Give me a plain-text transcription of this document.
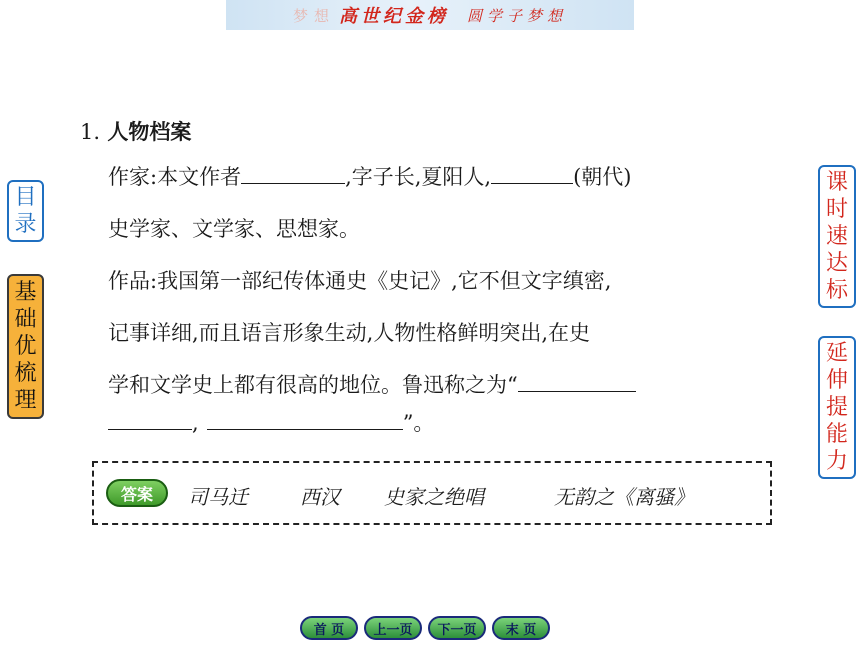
梦想 高世纪金榜 圆学子梦想
目
录
基
础
优
梳
理
课
时
速
达
标
延
伸
提
能
力
1. 人物档案
作家:本文作者	,字子长,夏阳人,	(朝代)
史学家、文学家、思想家。
作品:我国第一部纪传体通史《史记》,它不但文字缜密,
记事详细,而且语言形象生动,人物性格鲜明突出,在史
学和文学史上都有很高的地位。鲁迅称之为“
,	”。
答案	司马迁	西汉 史家之绝唱	无韵之《离骚》
首 页	上一页	下一页	末 页
